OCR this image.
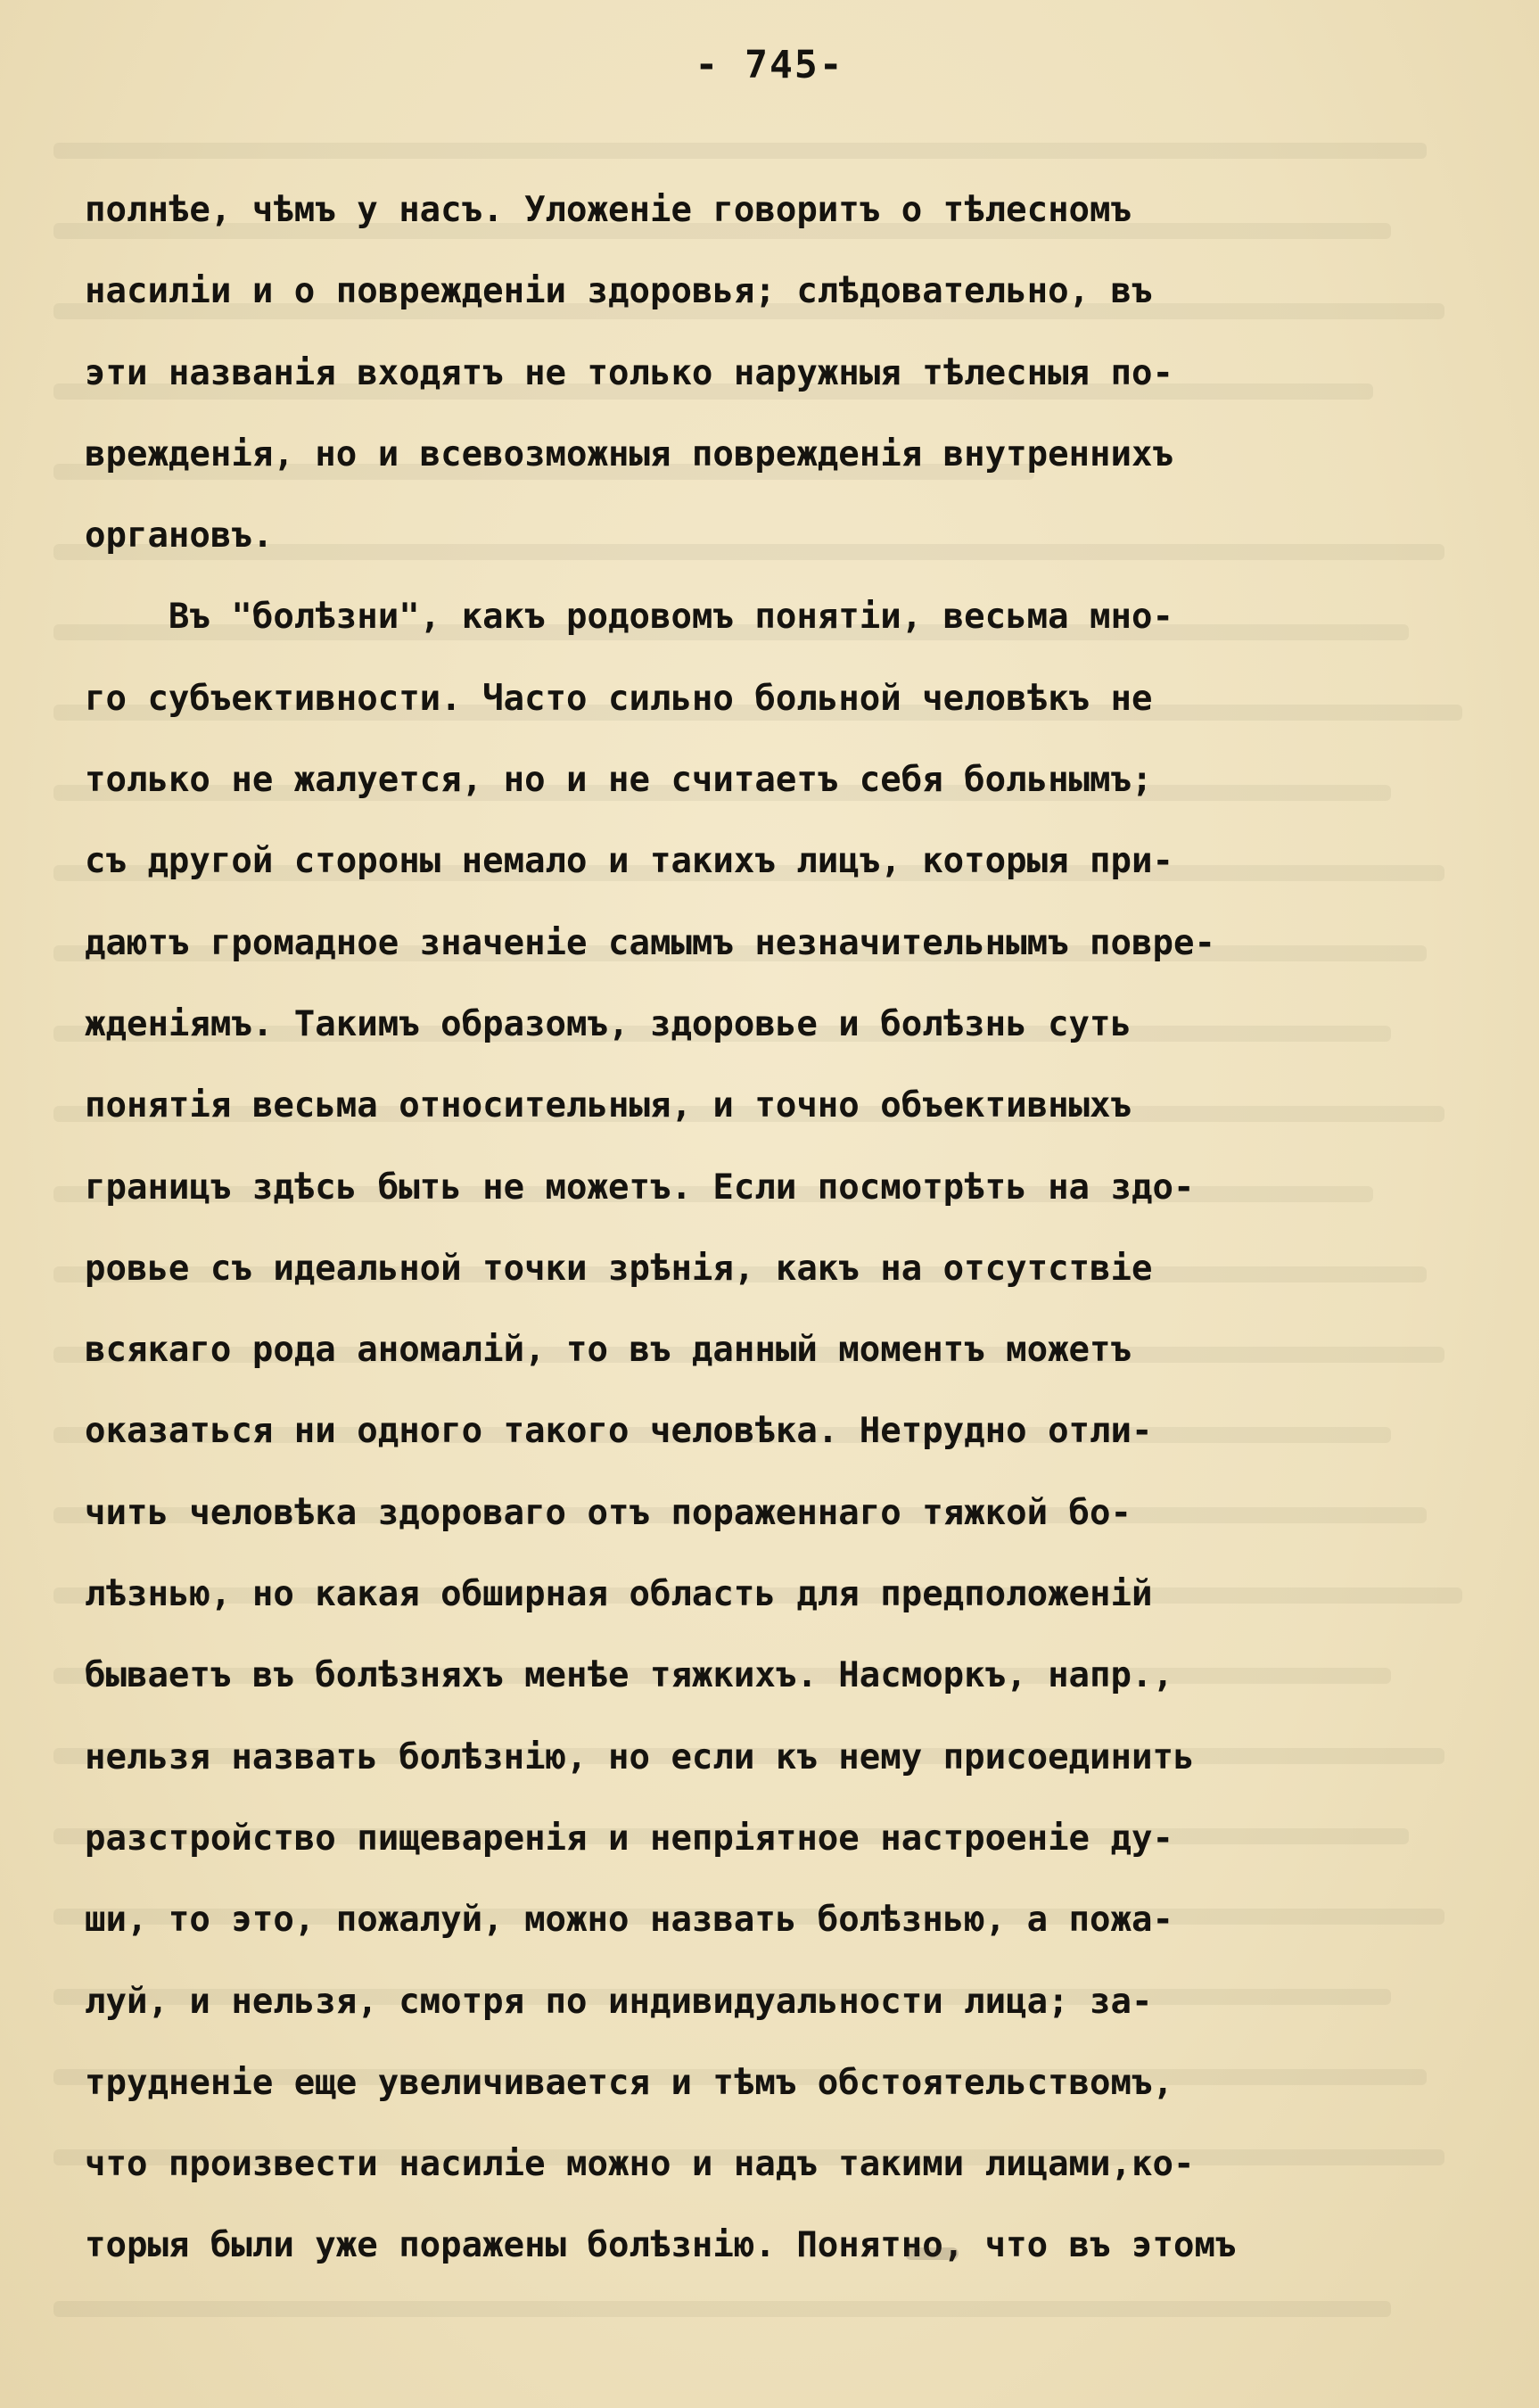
- 745-
полнѣе, чѣмъ у насъ. Уложенiе говоритъ о тѣлесномъ
насилiи и о поврежденiи здоровья; слѣдовательно, въ
эти названiя входятъ не только наружныя тѣлесныя по-
врежденiя, но и всевозможныя поврежденiя внутреннихъ
органовъ.
Въ "болѣзни", какъ родовомъ понятiи, весьма мно-
го субъективности. Часто сильно больной человѣкъ не
только не жалуется, но и не считаетъ себя больнымъ;
съ другой стороны немало и такихъ лицъ, которыя при-
даютъ громадное значенiе самымъ незначительнымъ повре-
жденiямъ. Такимъ образомъ, здоровье и болѣзнь суть
понятiя весьма относительныя, и точно объективныхъ
границъ здѣсь быть не можетъ. Если посмотрѣть на здо-
ровье съ идеальной точки зрѣнiя, какъ на отсутствiе
всякаго рода аномалiй, то въ данный моментъ можетъ
оказаться ни одного такого человѣка. Нетрудно отли-
чить человѣка здороваго отъ пораженнаго тяжкой бо-
лѣзнью, но какая обширная область для предположенiй
бываетъ въ болѣзняхъ менѣе тяжкихъ. Насморкъ, напр.,
нельзя назвать болѣзнiю, но если къ нему присоединить
разстройство пищеваренiя и непрiятное настроенiе ду-
ши, то это, пожалуй, можно назвать болѣзнью, а пожа-
луй, и нельзя, смотря по индивидуальности лица; за-
трудненiе еще увеличивается и тѣмъ обстоятельствомъ,
что произвести насилiе можно и надъ такими лицами,ко-
торыя были уже поражены болѣзнiю. Понятно, что въ этомъ
